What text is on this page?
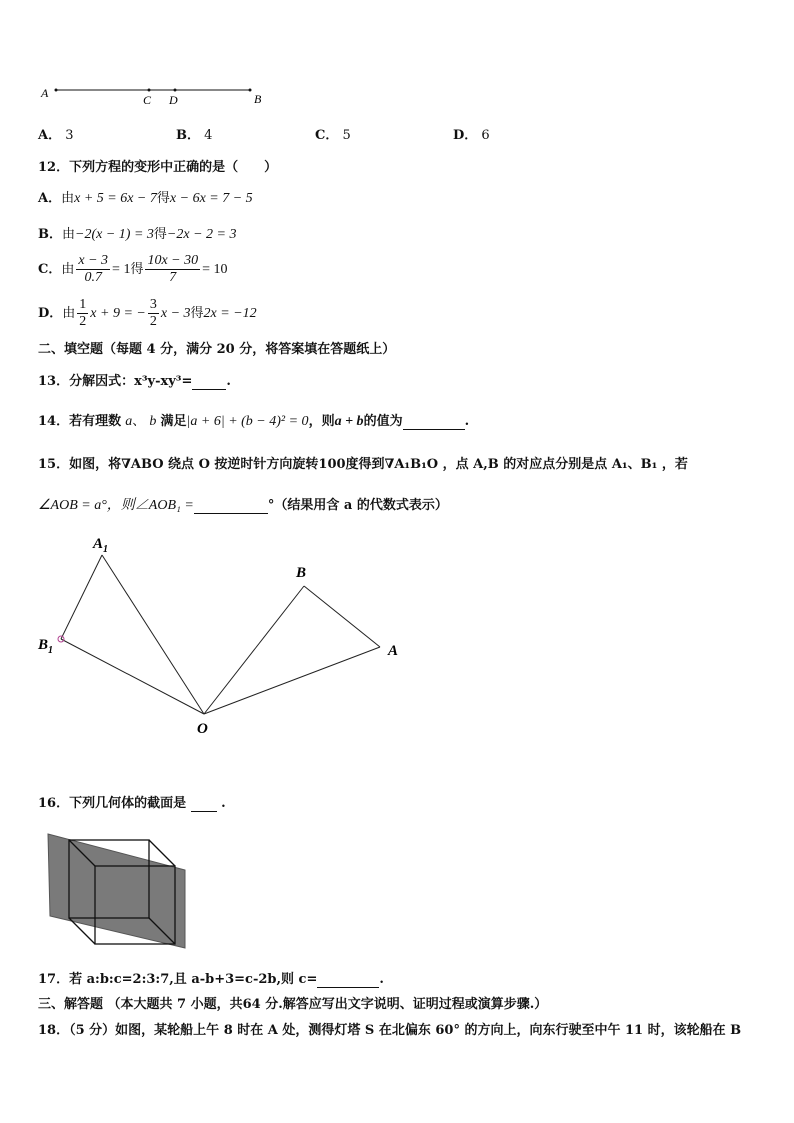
A	C D	B
A． 3	B． 4	C． 5	D． 6
12．下列方程的变形中正确的是（　　）
A．由x + 5 = 6x − 7得x − 6x = 7 − 5
B．由−2(x − 1) = 3得−2x − 2 = 3
C．由 $\frac{x - 3}{0.7} = 1$得 $\frac{10x - 30}{7} = 10$
D．由 $\frac{1}{2}$ x + 9 = − $\frac{3}{2}$ x − 3得2x = −12
二、填空题（每题 4 分，满分 20 分，将答案填在答题纸上）
13．分解因式：x³y-xy³=	.
14．若有理数 a、 b 满足|a + 6| + (b − 4)² = 0，则a + b的值为	.
15．如图，将∇ABO 绕点 O 按逆时针方向旋转100度得到∇A₁B₁O ，点 A,B 的对应点分别是点 A₁、B₁ ，若
∠AOB = a°，则∠AOB₁ =	°（结果用含 a 的代数式表示）
$A_1$
$B_1$
B
A
O
16．下列几何体的截面是	.
17．若 a:b:c=2:3:7,且 a-b+3=c-2b,则 c=	.
三、解答题 （本大题共 7 小题，共64 分.解答应写出文字说明、证明过程或演算步骤.）
18．（5 分）如图，某轮船上午 8 时在 A 处，测得灯塔 S 在北偏东 60° 的方向上，向东行驶至中午 11 时，该轮船在 B
